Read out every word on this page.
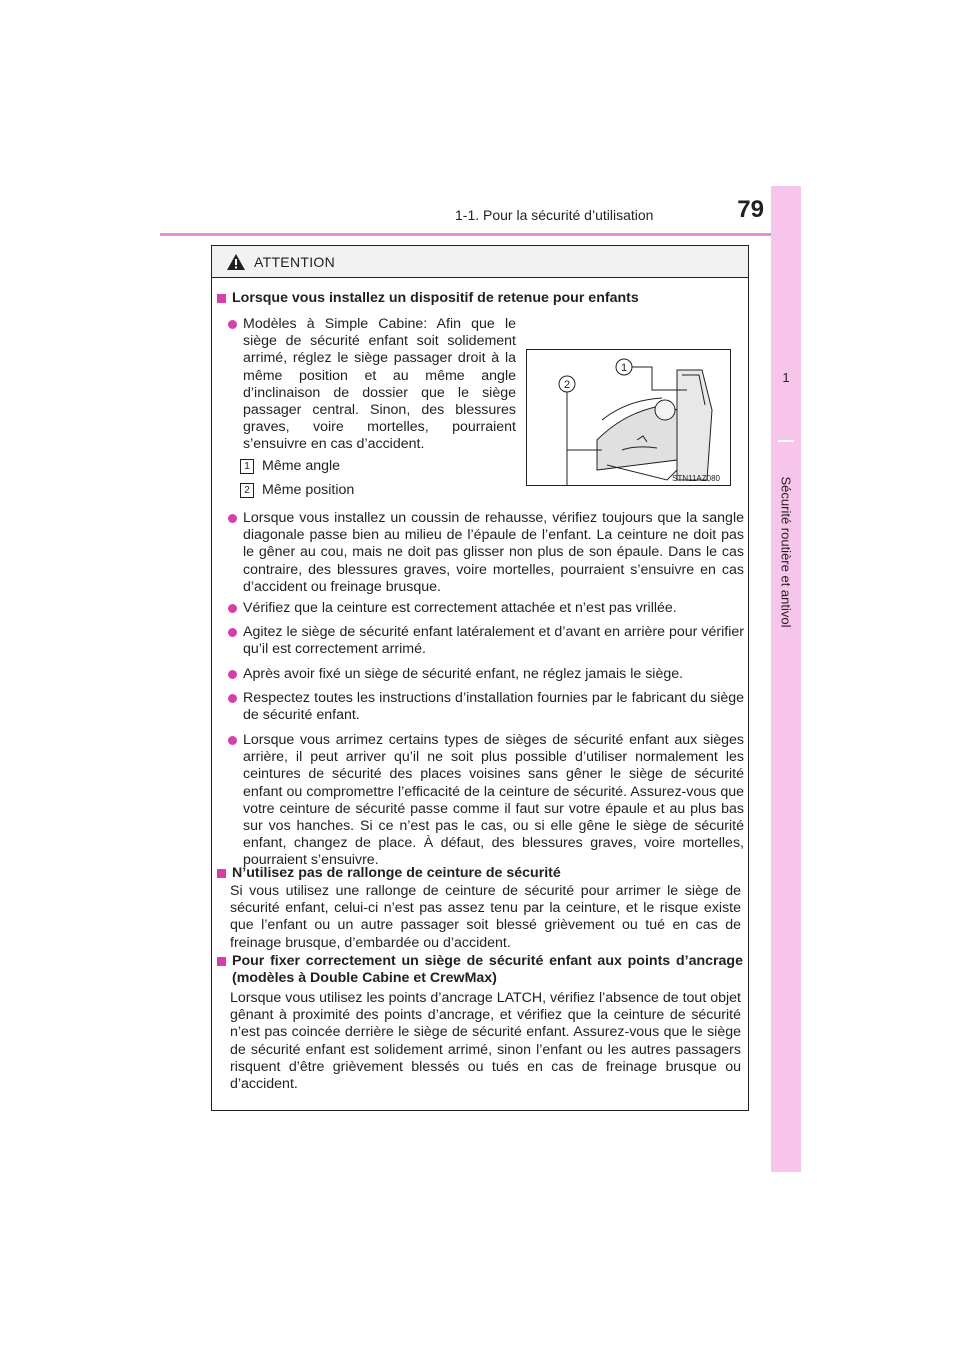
1-1. Pour la sécurité d’utilisation	79
1
Sécurité routière et antivol
ATTENTION
Lorsque vous installez un dispositif de retenue pour enfants
Modèles à Simple Cabine: Afin que le siège de sécurité enfant soit solidement arrimé, réglez le siège passager droit à la même position et au même angle d’inclinaison de dossier que le siège passager central. Sinon, des blessures graves, voire mortelles, pourraient s’ensuivre en cas d’accident.
1
2
STN11AZ080
1 Même angle
2 Même position
Lorsque vous installez un coussin de rehausse, vérifiez toujours que la sangle diagonale passe bien au milieu de l’épaule de l’enfant. La ceinture ne doit pas le gêner au cou, mais ne doit pas glisser non plus de son épaule. Dans le cas contraire, des blessures graves, voire mortelles, pourraient s’ensuivre en cas d’accident ou freinage brusque.
Vérifiez que la ceinture est correctement attachée et n’est pas vrillée.
Agitez le siège de sécurité enfant latéralement et d’avant en arrière pour vérifier qu’il est correctement arrimé.
Après avoir fixé un siège de sécurité enfant, ne réglez jamais le siège.
Respectez toutes les instructions d’installation fournies par le fabricant du siège de sécurité enfant.
Lorsque vous arrimez certains types de sièges de sécurité enfant aux sièges arrière, il peut arriver qu’il ne soit plus possible d’utiliser normalement les ceintures de sécurité des places voisines sans gêner le siège de sécurité enfant ou compromettre l’efficacité de la ceinture de sécurité. Assurez-vous que votre ceinture de sécurité passe comme il faut sur votre épaule et au plus bas sur vos hanches. Si ce n’est pas le cas, ou si elle gêne le siège de sécurité enfant, changez de place. À défaut, des blessures graves, voire mortelles, pourraient s’ensuivre.
N’utilisez pas de rallonge de ceinture de sécurité
Si vous utilisez une rallonge de ceinture de sécurité pour arrimer le siège de sécurité enfant, celui-ci n’est pas assez tenu par la ceinture, et le risque existe que l’enfant ou un autre passager soit blessé grièvement ou tué en cas de freinage brusque, d’embardée ou d’accident.
Pour fixer correctement un siège de sécurité enfant aux points d’ancrage (modèles à Double Cabine et CrewMax)
Lorsque vous utilisez les points d’ancrage LATCH, vérifiez l’absence de tout objet gênant à proximité des points d’ancrage, et vérifiez que la ceinture de sécurité n’est pas coincée derrière le siège de sécurité enfant. Assurez-vous que le siège de sécurité enfant est solidement arrimé, sinon l’enfant ou les autres passagers risquent d’être grièvement blessés ou tués en cas de freinage brusque ou d’accident.
